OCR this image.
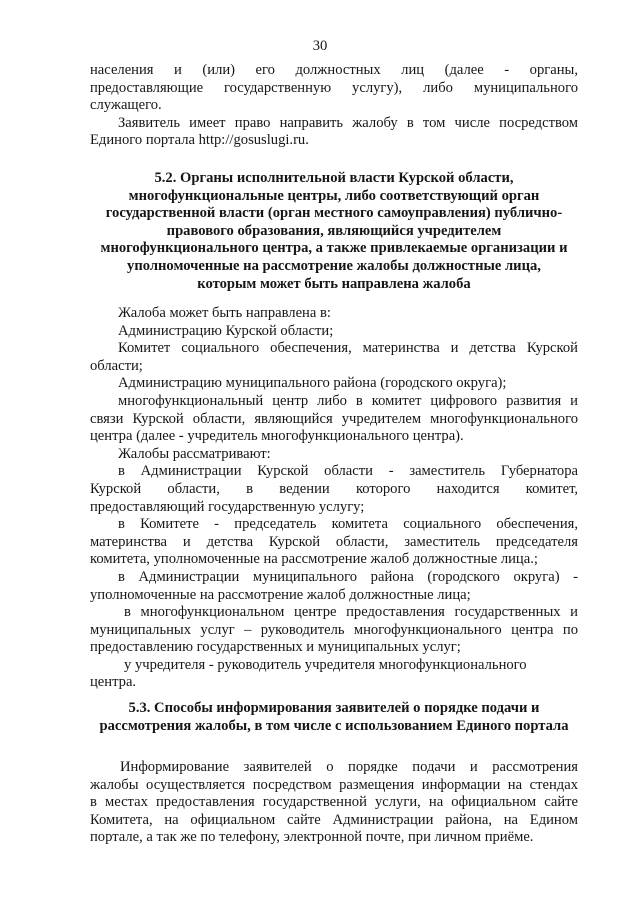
30
населения и (или) его должностных лиц (далее - органы,
предоставляющие государственную услугу), либо муниципального
служащего.
Заявитель имеет право направить жалобу в том числе посредством
Единого портала http://gosuslugi.ru.
5.2. Органы исполнительной власти Курской области,
многофункциональные центры, либо соответствующий орган
государственной власти (орган местного самоуправления) публично-
правового образования, являющийся учредителем
многофункционального центра, а также привлекаемые организации и
уполномоченные на рассмотрение жалобы должностные лица,
которым может быть направлена жалоба
Жалоба может быть направлена в:
Администрацию Курской области;
Комитет социального обеспечения, материнства и детства Курской
области;
Администрацию муниципального района (городского округа);
многофункциональный центр либо в комитет цифрового развития и
связи Курской области, являющийся учредителем многофункционального
центра (далее - учредитель многофункционального центра).
Жалобы рассматривают:
в Администрации Курской области - заместитель Губернатора
Курской области, в ведении которого находится комитет,
предоставляющий государственную услугу;
в Комитете - председатель комитета социального обеспечения,
материнства и детства Курской области, заместитель председателя
комитета, уполномоченные на рассмотрение жалоб должностные лица.;
в Администрации муниципального района (городского округа) -
уполномоченные на рассмотрение жалоб должностные лица;
в многофункциональном центре предоставления государственных и
муниципальных услуг – руководитель многофункционального центра по
предоставлению государственных и муниципальных услуг;
у учредителя - руководитель учредителя многофункционального
центра.
5.3. Способы информирования заявителей о порядке подачи и
рассмотрения жалобы, в том числе с использованием Единого портала
Информирование заявителей о порядке подачи и рассмотрения
жалобы осуществляется посредством размещения информации на стендах
в местах предоставления государственной услуги, на официальном сайте
Комитета, на официальном сайте Администрации района, на Едином
портале, а так же по телефону, электронной почте, при личном приёме.
